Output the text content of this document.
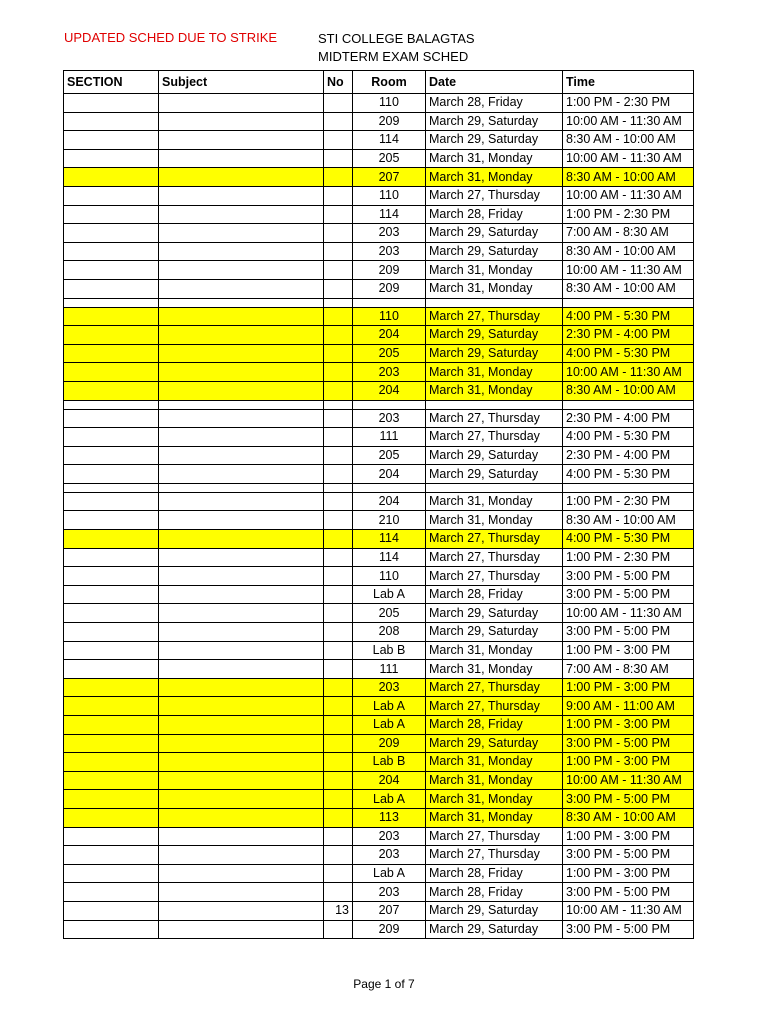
UPDATED SCHED DUE TO STRIKE	STI COLLEGE BALAGTAS
MIDTERM EXAM SCHED
SECTION	Subject	No	Room	Date	Time
			110	March 28, Friday	1:00 PM - 2:30 PM
			209	March 29, Saturday	10:00 AM - 11:30 AM
			114	March 29, Saturday	8:30 AM - 10:00 AM
			205	March 31, Monday	10:00 AM - 11:30 AM
			207	March 31, Monday	8:30 AM - 10:00 AM
			110	March 27, Thursday	10:00 AM - 11:30 AM
			114	March 28, Friday	1:00 PM - 2:30 PM
			203	March 29, Saturday	7:00 AM - 8:30 AM
			203	March 29, Saturday	8:30 AM - 10:00 AM
			209	March 31, Monday	10:00 AM - 11:30 AM
			209	March 31, Monday	8:30 AM - 10:00 AM

			110	March 27, Thursday	4:00 PM - 5:30 PM
			204	March 29, Saturday	2:30 PM - 4:00 PM
			205	March 29, Saturday	4:00 PM - 5:30 PM
			203	March 31, Monday	10:00 AM - 11:30 AM
			204	March 31, Monday	8:30 AM - 10:00 AM

			203	March 27, Thursday	2:30 PM - 4:00 PM
			111	March 27, Thursday	4:00 PM - 5:30 PM
			205	March 29, Saturday	2:30 PM - 4:00 PM
			204	March 29, Saturday	4:00 PM - 5:30 PM

			204	March 31, Monday	1:00 PM - 2:30 PM
			210	March 31, Monday	8:30 AM - 10:00 AM
			114	March 27, Thursday	4:00 PM - 5:30 PM
			114	March 27, Thursday	1:00 PM - 2:30 PM
			110	March 27, Thursday	3:00 PM - 5:00 PM
			Lab A	March 28, Friday	3:00 PM - 5:00 PM
			205	March 29, Saturday	10:00 AM - 11:30 AM
			208	March 29, Saturday	3:00 PM - 5:00 PM
			Lab B	March 31, Monday	1:00 PM - 3:00 PM
			111	March 31, Monday	7:00 AM - 8:30 AM
			203	March 27, Thursday	1:00 PM - 3:00 PM
			Lab A	March 27, Thursday	9:00 AM - 11:00 AM
			Lab A	March 28, Friday	1:00 PM - 3:00 PM
			209	March 29, Saturday	3:00 PM - 5:00 PM
			Lab B	March 31, Monday	1:00 PM - 3:00 PM
			204	March 31, Monday	10:00 AM - 11:30 AM
			Lab A	March 31, Monday	3:00 PM - 5:00 PM
			113	March 31, Monday	8:30 AM - 10:00 AM
			203	March 27, Thursday	1:00 PM - 3:00 PM
			203	March 27, Thursday	3:00 PM - 5:00 PM
			Lab A	March 28, Friday	1:00 PM - 3:00 PM
			203	March 28, Friday	3:00 PM - 5:00 PM
		13	207	March 29, Saturday	10:00 AM - 11:30 AM
			209	March 29, Saturday	3:00 PM - 5:00 PM
Page 1 of 7
